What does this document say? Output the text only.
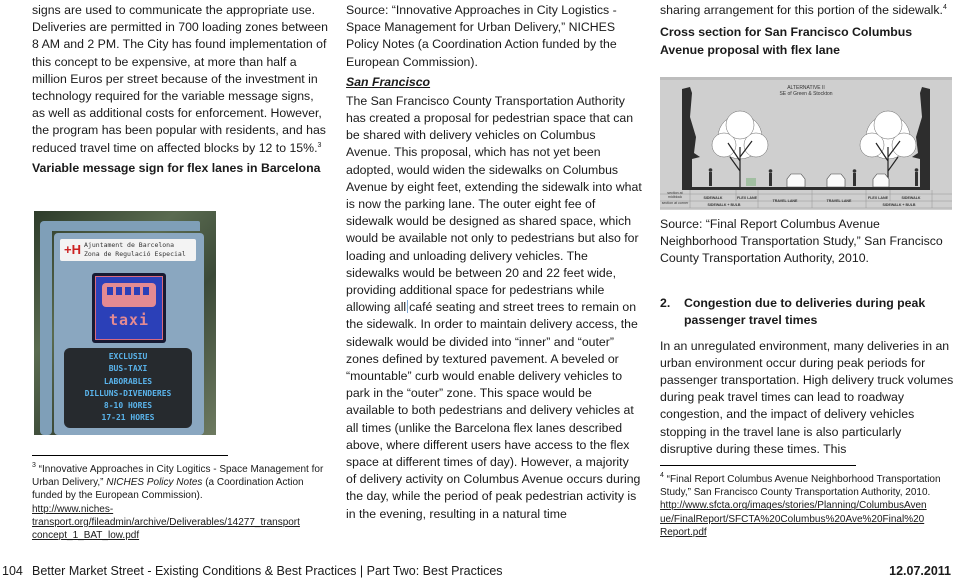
signs are used to communicate the appropriate use. Deliveries are permitted in 700 loading zones between 8 AM and 2 PM. The City has found implementation of this concept to be expensive, at more than half a million Euros per street because of the investment in technology required for the variable message signs, as well as additional costs for enforcement. However, the program has been popular with residents, and has reduced travel time on affected blocks by 12 to 15%.$^3$

Variable message sign for flex lanes in Barcelona

+H Ajuntament de Barcelona
Zona de Regulació Especial
taxi
EXCLUSIU
BUS-TAXI
LABORABLES
DILLUNS-DIVENDERES
8-10 HORES
17-21 HORES

$^3$ “Innovative Approaches in City Logitics - Space Management for Urban Delivery,” NICHES Policy Notes (a Coordination Action funded by the European Commission).
http://www.niches-
transport.org/fileadmin/archive/Deliverables/14277_transport
concept_1_BAT_low.pdf

Source: “Innovative Approaches in City Logistics - Space Management for Urban Delivery,” NICHES Policy Notes (a Coordination Action funded by the European Commission).

San Francisco

The San Francisco County Transportation Authority has created a proposal for pedestrian space that can be shared with delivery vehicles on Columbus Avenue. This proposal, which has not yet been adopted, would widen the sidewalks on Columbus Avenue by eight feet, extending the sidewalk into what is now the parking lane. The outer eight fee of sidewalk would be designed as shared space, which would be available not only to pedestrians but also for loading and unloading delivery vehicles. The sidewalks would be between 20 and 22 feet wide, providing additional space for pedestrians while allowing all café seating and street trees to remain on the sidewalk. In order to maintain delivery access, the sidewalk would be divided into “inner” and “outer” zones defined by textured pavement. A beveled or “mountable” curb would enable delivery vehicles to park in the “outer” zone. This space would be available to both pedestrians and delivery vehicles at all times (unlike the Barcelona flex lanes described above, where different users have access to the flex space at different times of day). However, a majority of delivery activity on Columbus Avenue occurs during the day, while the period of peak pedestrian activity is in the evening, resulting in a natural time

sharing arrangement for this portion of the sidewalk.$^4$

Cross section for San Francisco Columbus Avenue proposal with flex lane

ALTERNATIVE II
SE of Green & Stockton
section at midblock
section at corner
SIDEWALK	FLEX LANE
TRAVEL LANE	TRAVEL LANE
FLEX LANE	SIDEWALK
SIDEWALK + BULB	SIDEWALK + BULB

Source: “Final Report Columbus Avenue Neighborhood Transportation Study,” San Francisco County Transportation Authority, 2010.

2.	Congestion due to deliveries during peak passenger travel times

In an unregulated environment, many deliveries in an urban environment occur during peak periods for passenger transportation. High delivery truck volumes during peak travel times can lead to roadway congestion, and the impact of delivery vehicles stopping in the travel lane is also particularly disruptive during these times. This

$^4$ “Final Report Columbus Avenue Neighborhood Transportation Study,” San Francisco County Transportation Authority, 2010.
http://www.sfcta.org/images/stories/Planning/ColumbusAven
ue/FinalReport/SFCTA%20Columbus%20Ave%20Final%20
Report.pdf

104 Better Market Street - Existing Conditions & Best Practices | Part Two: Best Practices	12.07.2011
